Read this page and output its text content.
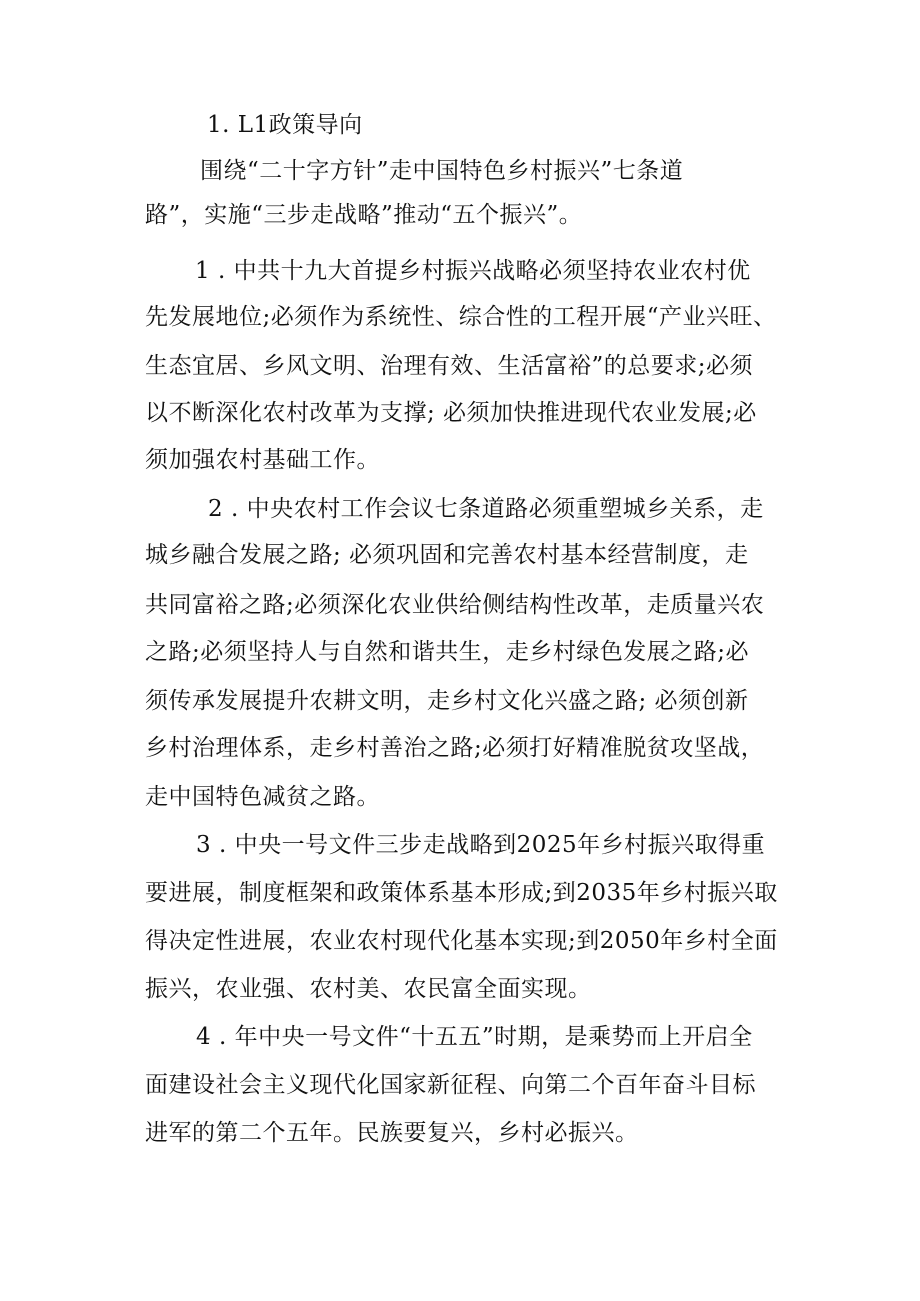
1. L1政策导向
围绕“二十字方针”走中国特色乡村振兴”七条道
路”，实施“三步走战略”推动“五个振兴”。
1 . 中共十九大首提乡村振兴战略必须坚持农业农村优
先发展地位;必须作为系统性、综合性的工程开展“产业兴旺、
生态宜居、乡风文明、治理有效、生活富裕”的总要求;必须
以不断深化农村改革为支撑; 必须加快推进现代农业发展;必
须加强农村基础工作。
2 . 中央农村工作会议七条道路必须重塑城乡关系，走
城乡融合发展之路; 必须巩固和完善农村基本经营制度，走
共同富裕之路;必须深化农业供给侧结构性改革，走质量兴农
之路;必须坚持人与自然和谐共生，走乡村绿色发展之路;必
须传承发展提升农耕文明，走乡村文化兴盛之路; 必须创新
乡村治理体系，走乡村善治之路;必须打好精准脱贫攻坚战，
走中国特色减贫之路。
3 . 中央一号文件三步走战略到2025年乡村振兴取得重
要进展，制度框架和政策体系基本形成;到2035年乡村振兴取
得决定性进展，农业农村现代化基本实现;到2050年乡村全面
振兴，农业强、农村美、农民富全面实现。
4 . 年中央一号文件“十五五”时期，是乘势而上开启全
面建设社会主义现代化国家新征程、向第二个百年奋斗目标
进军的第二个五年。民族要复兴，乡村必振兴。
